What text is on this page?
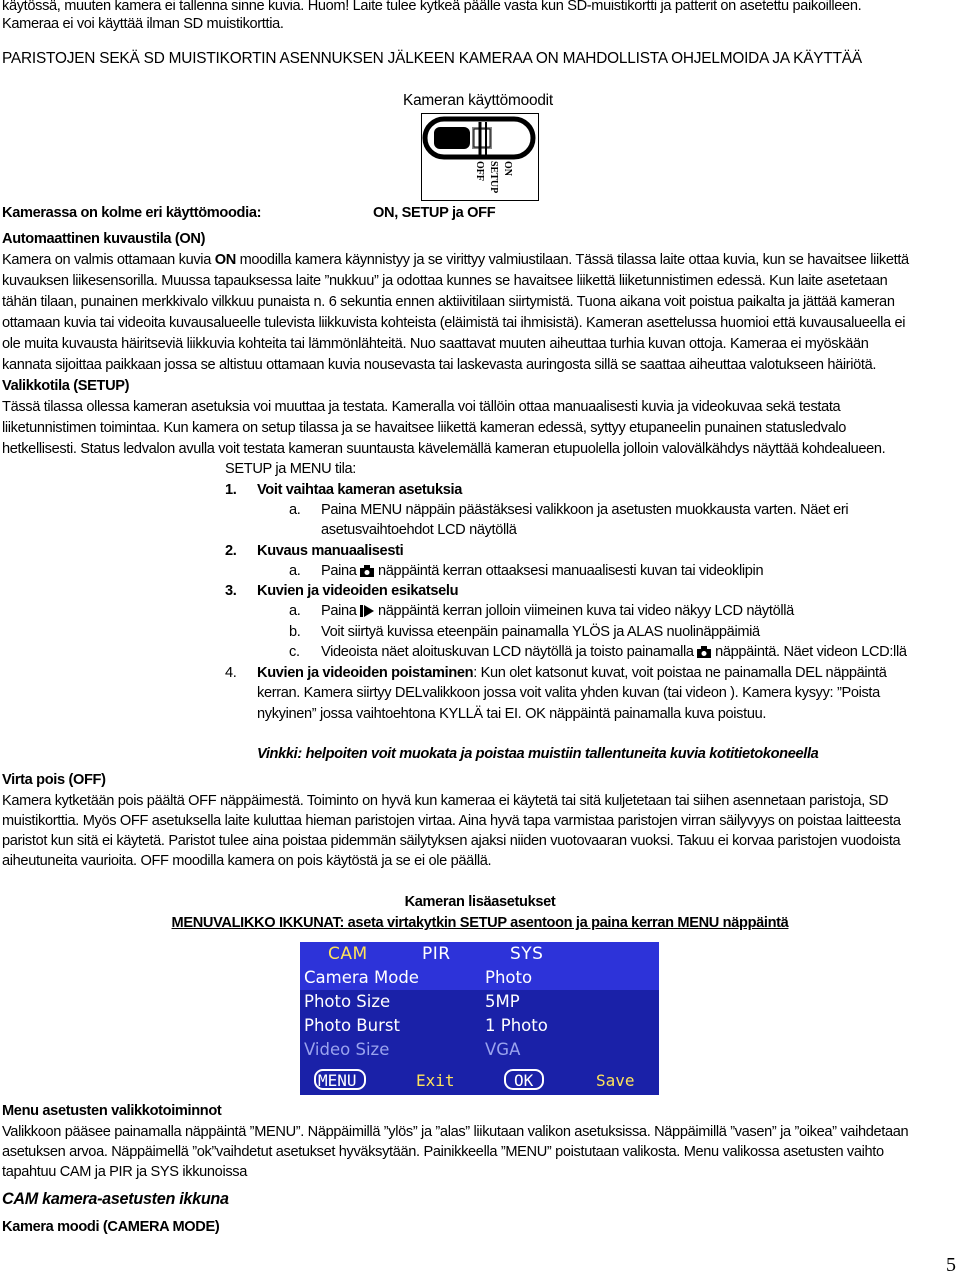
käytössä, muuten kamera ei tallenna sinne kuvia. Huom! Laite tulee kytkeä päälle vasta kun SD-muistikortti ja patterit on asetettu paikoilleen.
Kameraa ei voi käyttää ilman SD muistikorttia.
PARISTOJEN SEKÄ SD MUISTIKORTIN ASENNUKSEN JÄLKEEN KAMERAA ON MAHDOLLISTA OHJELMOIDA JA KÄYTTÄÄ
Kameran käyttömoodit
ON
SETUP
OFF
Kamerassa on kolme eri käyttömoodia:	ON, SETUP ja OFF
Automaattinen kuvaustila (ON)
Kamera on valmis ottamaan kuvia ON moodilla kamera käynnistyy ja se virittyy valmiustilaan. Tässä tilassa laite ottaa kuvia, kun se havaitsee liikettä
kuvauksen liikesensorilla. Muussa tapauksessa laite ”nukkuu” ja odottaa kunnes se havaitsee liikettä liiketunnistimen edessä. Kun laite asetetaan
tähän tilaan, punainen merkkivalo vilkkuu punaista n. 6 sekuntia ennen aktiivitilaan siirtymistä. Tuona aikana voit poistua paikalta ja jättää kameran
ottamaan kuvia tai videoita kuvausalueelle tulevista liikkuvista kohteista (eläimistä tai ihmisistä). Kameran asettelussa huomioi että kuvausalueella ei
ole muita kuvausta häiritseviä liikkuvia kohteita tai lämmönlähteitä. Nuo saattavat muuten aiheuttaa turhia kuvan ottoja. Kameraa ei myöskään
kannata sijoittaa paikkaan jossa se altistuu ottamaan kuvia nousevasta tai laskevasta auringosta sillä se saattaa aiheuttaa valotukseen häiriötä.
Valikkotila (SETUP)
Tässä tilassa ollessa kameran asetuksia voi muuttaa ja testata. Kameralla voi tällöin ottaa manuaalisesti kuvia ja videokuvaa sekä testata
liiketunnistimen toimintaa. Kun kamera on setup tilassa ja se havaitsee liikettä kameran edessä, syttyy etupaneelin punainen statusledvalo
hetkellisesti. Status ledvalon avulla voit testata kameran suuntausta kävelemällä kameran etupuolella jolloin valovälkähdys näyttää kohdealueen.
SETUP ja MENU tila:
1. Voit vaihtaa kameran asetuksia
a. Paina MENU näppäin päästäksesi valikkoon ja asetusten muokkausta varten. Näet eri
asetusvaihtoehdot LCD näytöllä
2. Kuvaus manuaalisesti
a. Paina näppäintä kerran ottaaksesi manuaalisesti kuvan tai videoklipin
3. Kuvien ja videoiden esikatselu
a. Paina näppäintä kerran jolloin viimeinen kuva tai video näkyy LCD näytöllä
b. Voit siirtyä kuvissa eteenpäin painamalla YLÖS ja ALAS nuolinäppäimiä
c. Videoista näet aloituskuvan LCD näytöllä ja toisto painamalla näppäintä. Näet videon LCD:llä
4. Kuvien ja videoiden poistaminen: Kun olet katsonut kuvat, voit poistaa ne painamalla DEL näppäintä
kerran. Kamera siirtyy DELvalikkoon jossa voit valita yhden kuvan (tai videon ). Kamera kysyy: ”Poista
nykyinen” jossa vaihtoehtona KYLLÄ tai EI. OK näppäintä painamalla kuva poistuu.
Vinkki: helpoiten voit muokata ja poistaa muistiin tallentuneita kuvia kotitietokoneella
Virta pois (OFF)
Kamera kytketään pois päältä OFF näppäimestä. Toiminto on hyvä kun kameraa ei käytetä tai sitä kuljetetaan tai siihen asennetaan paristoja, SD
muistikorttia. Myös OFF asetuksella laite kuluttaa hieman paristojen virtaa. Aina hyvä tapa varmistaa paristojen virran säilyvyys on poistaa laitteesta
paristot kun sitä ei käytetä. Paristot tulee aina poistaa pidemmän säilytyksen ajaksi niiden vuotovaaran vuoksi. Takuu ei korvaa paristojen vuodoista
aiheutuneita vaurioita. OFF moodilla kamera on pois käytöstä ja se ei ole päällä.
Kameran lisäasetukset
MENUVALIKKO IKKUNAT: aseta virtakytkin SETUP asentoon ja paina kerran MENU näppäintä
CAM	PIR	SYS
Camera Mode	Photo
Photo Size	5MP
Photo Burst	1 Photo
Video Size	VGA
MENU	Exit	OK	Save
Menu asetusten valikkotoiminnot
Valikkoon pääsee painamalla näppäintä ”MENU”. Näppäimillä ”ylös” ja ”alas” liikutaan valikon asetuksissa. Näppäimillä ”vasen” ja ”oikea” vaihdetaan
asetuksen arvoa. Näppäimellä ”ok”vaihdetut asetukset hyväksytään. Painikkeella ”MENU” poistutaan valikosta. Menu valikossa asetusten vaihto
tapahtuu CAM ja PIR ja SYS ikkunoissa
CAM kamera-asetusten ikkuna
Kamera moodi (CAMERA MODE)
5
